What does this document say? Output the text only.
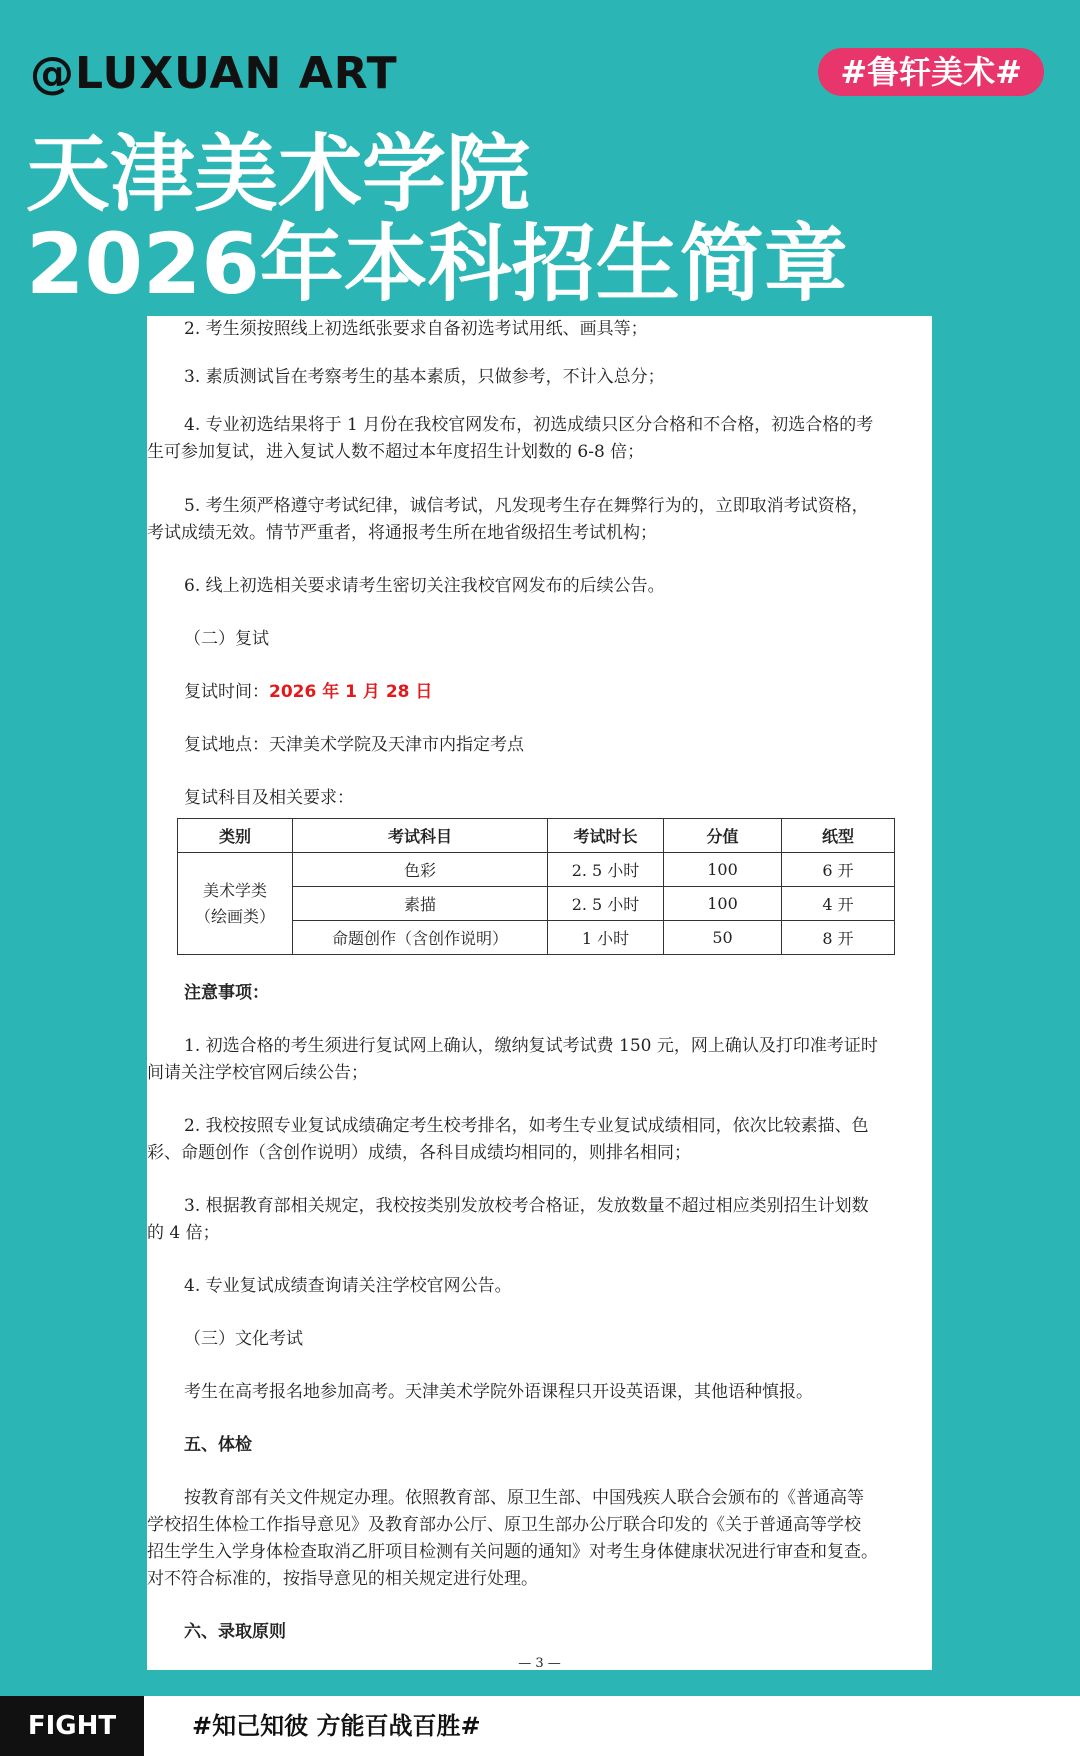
@LUXUAN ART	#鲁轩美术#
天津美术学院
2026年本科招生简章
2. 考生须按照线上初选纸张要求自备初选考试用纸、画具等；
3. 素质测试旨在考察考生的基本素质，只做参考，不计入总分；
4. 专业初选结果将于 1 月份在我校官网发布，初选成绩只区分合格和不合格，初选合格的考
生可参加复试，进入复试人数不超过本年度招生计划数的 6-8 倍；
5. 考生须严格遵守考试纪律，诚信考试，凡发现考生存在舞弊行为的，立即取消考试资格，
考试成绩无效。情节严重者，将通报考生所在地省级招生考试机构；
6. 线上初选相关要求请考生密切关注我校官网发布的后续公告。
（二）复试
复试时间：2026 年 1 月 28 日
复试地点：天津美术学院及天津市内指定考点
复试科目及相关要求：
类别	考试科目	考试时长	分值	纸型

美术学类
（绘画类）	色彩	2. 5 小时	100	6 开
	素描	2. 5 小时	100	4 开
	命题创作（含创作说明）	1 小时	50	8 开
注意事项：
1. 初选合格的考生须进行复试网上确认，缴纳复试考试费 150 元，网上确认及打印准考证时
间请关注学校官网后续公告；
2. 我校按照专业复试成绩确定考生校考排名，如考生专业复试成绩相同，依次比较素描、色
彩、命题创作（含创作说明）成绩，各科目成绩均相同的，则排名相同；
3. 根据教育部相关规定，我校按类别发放校考合格证，发放数量不超过相应类别招生计划数
的 4 倍；
4. 专业复试成绩查询请关注学校官网公告。
（三）文化考试
考生在高考报名地参加高考。天津美术学院外语课程只开设英语课，其他语种慎报。
五、体检
按教育部有关文件规定办理。依照教育部、原卫生部、中国残疾人联合会颁布的《普通高等
学校招生体检工作指导意见》及教育部办公厅、原卫生部办公厅联合印发的《关于普通高等学校
招生学生入学身体检查取消乙肝项目检测有关问题的通知》对考生身体健康状况进行审查和复查。
对不符合标准的，按指导意见的相关规定进行处理。
六、录取原则
— 3 —
FIGHT	#知己知彼 方能百战百胜#
